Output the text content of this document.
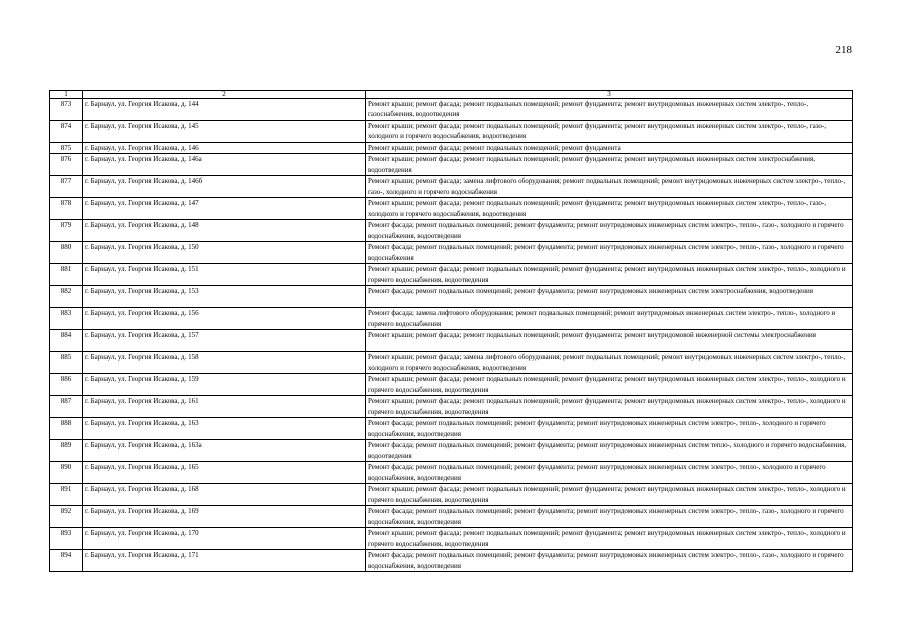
218
1	2	3
873	г. Барнаул, ул. Георгия Исакова, д. 144	Ремонт крыши; ремонт фасада; ремонт подвальных помещений; ремонт фундамента; ремонт внутридомовых инженерных систем электро-, тепло-, газоснабжения, водоотведения
874	г. Барнаул, ул. Георгия Исакова, д. 145	Ремонт крыши; ремонт фасада; ремонт подвальных помещений; ремонт фундамента; ремонт внутридомовых инженерных систем электро-, тепло-, газо-, холодного и горячего водоснабжения, водоотведения
875	г. Барнаул, ул. Георгия Исакова, д. 146	Ремонт крыши; ремонт фасада; ремонт подвальных помещений; ремонт фундамента
876	г. Барнаул, ул. Георгия Исакова, д. 146а	Ремонт крыши; ремонт фасада; ремонт подвальных помещений; ремонт фундамента; ремонт внутридомовых инженерных систем электроснабжения, водоотведения
877	г. Барнаул, ул. Георгия Исакова, д. 146б	Ремонт крыши; ремонт фасада; замена лифтового оборудования; ремонт подвальных помещений; ремонт внутридомовых инженерных систем электро-, тепло-, газо-, холодного и горячего водоснабжения
878	г. Барнаул, ул. Георгия Исакова, д. 147	Ремонт крыши; ремонт фасада; ремонт подвальных помещений; ремонт фундамента; ремонт внутридомовых инженерных систем электро-, тепло-, газо-, холодного и горячего водоснабжения, водоотведения
879	г. Барнаул, ул. Георгия Исакова, д. 148	Ремонт фасада; ремонт подвальных помещений; ремонт фундамента; ремонт внутридомовых инженерных систем электро-, тепло-, газо-, холодного и горячего водоснабжения, водоотведения
880	г. Барнаул, ул. Георгия Исакова, д. 150	Ремонт фасада; ремонт подвальных помещений; ремонт фундамента; ремонт внутридомовых инженерных систем электро-, тепло-, газо-, холодного и горячего водоснабжения
881	г. Барнаул, ул. Георгия Исакова, д. 151	Ремонт крыши; ремонт фасада; ремонт подвальных помещений; ремонт фундамента; ремонт внутридомовых инженерных систем электро-, тепло-, холодного и горячего водоснабжения, водоотведения
882	г. Барнаул, ул. Георгия Исакова, д. 153	Ремонт фасада; ремонт подвальных помещений; ремонт фундамента; ремонт внутридомовых инженерных систем электроснабжения, водоотведения
883	г. Барнаул, ул. Георгия Исакова, д. 156	Ремонт фасада; замена лифтового оборудования; ремонт подвальных помещений; ремонт внутридомовых инженерных систем электро-, тепло-, холодного и горячего водоснабжения
884	г. Барнаул, ул. Георгия Исакова, д. 157	Ремонт крыши; ремонт фасада; ремонт подвальных помещений; ремонт фундамента; ремонт внутридомовой инженерной системы электроснабжения
885	г. Барнаул, ул. Георгия Исакова, д. 158	Ремонт крыши; ремонт фасада; замена лифтового оборудования; ремонт подвальных помещений; ремонт внутридомовых инженерных систем электро-, тепло-, холодного и горячего водоснабжения, водоотведения
886	г. Барнаул, ул. Георгия Исакова, д. 159	Ремонт крыши; ремонт фасада; ремонт подвальных помещений; ремонт фундамента; ремонт внутридомовых инженерных систем электро-, тепло-, холодного и горячего водоснабжения, водоотведения
887	г. Барнаул, ул. Георгия Исакова, д. 161	Ремонт крыши; ремонт фасада; ремонт подвальных помещений; ремонт фундамента; ремонт внутридомовых инженерных систем электро-, тепло-, холодного и горячего водоснабжения, водоотведения
888	г. Барнаул, ул. Георгия Исакова, д. 163	Ремонт фасада; ремонт подвальных помещений; ремонт фундамента; ремонт внутридомовых инженерных систем электро-, тепло-, холодного и горячего водоснабжения, водоотведения
889	г. Барнаул, ул. Георгия Исакова, д. 163а	Ремонт фасада; ремонт подвальных помещений; ремонт фундамента; ремонт внутридомовых инженерных систем тепло-, холодного и горячего водоснабжения, водоотведения
890	г. Барнаул, ул. Георгия Исакова, д. 165	Ремонт фасада; ремонт подвальных помещений; ремонт фундамента; ремонт внутридомовых инженерных систем электро-, тепло-, холодного и горячего водоснабжения, водоотведения
891	г. Барнаул, ул. Георгия Исакова, д. 168	Ремонт крыши; ремонт фасада; ремонт подвальных помещений; ремонт фундамента; ремонт внутридомовых инженерных систем электро-, тепло-, холодного и горячего водоснабжения, водоотведения
892	г. Барнаул, ул. Георгия Исакова, д. 169	Ремонт фасада; ремонт подвальных помещений; ремонт фундамента; ремонт внутридомовых инженерных систем электро-, тепло-, газо-, холодного и горячего водоснабжения, водоотведения
893	г. Барнаул, ул. Георгия Исакова, д. 170	Ремонт крыши; ремонт фасада; ремонт подвальных помещений; ремонт фундамента; ремонт внутридомовых инженерных систем электро-, тепло-, холодного и горячего водоснабжения, водоотведения
894	г. Барнаул, ул. Георгия Исакова, д. 171	Ремонт фасада; ремонт подвальных помещений; ремонт фундамента; ремонт внутридомовых инженерных систем электро-, тепло-, газо-, холодного и горячего водоснабжения, водоотведения
